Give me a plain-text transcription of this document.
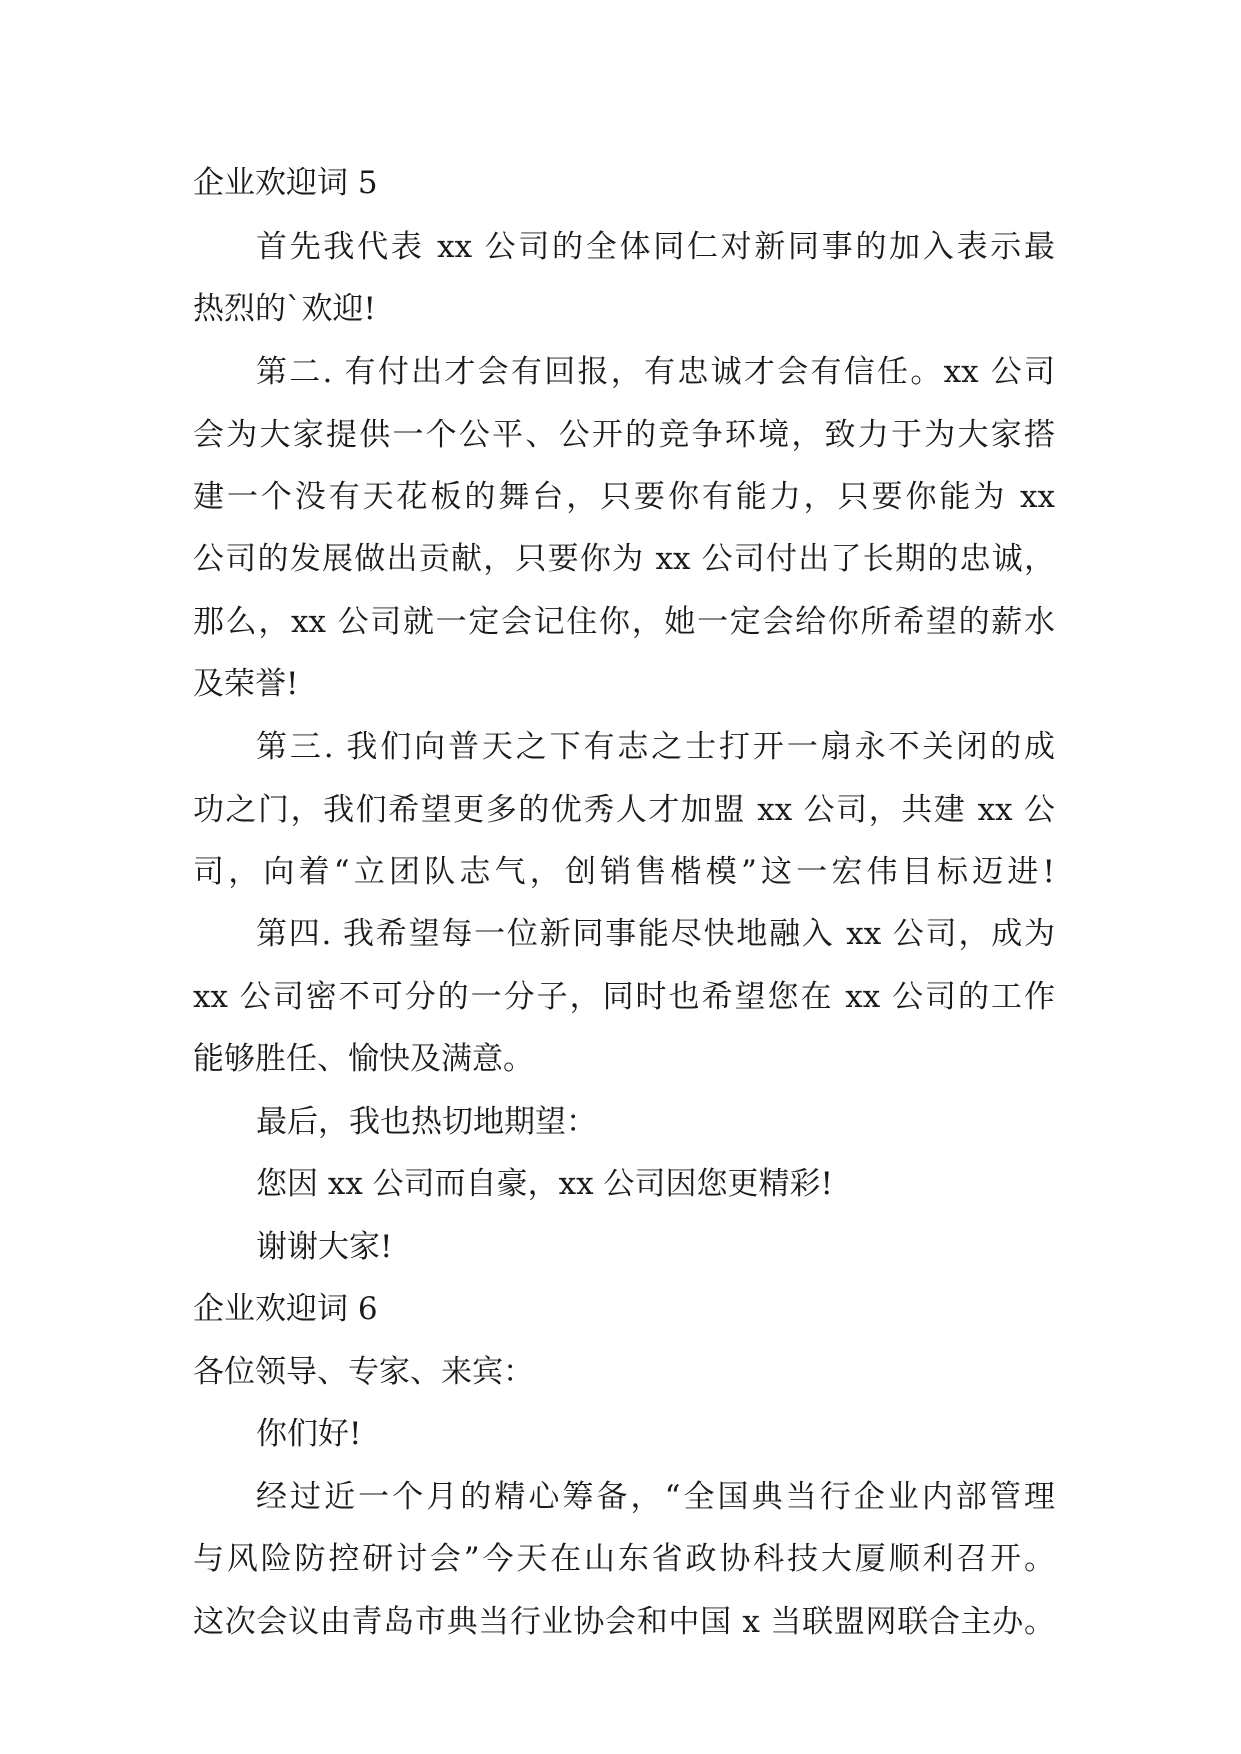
企业欢迎词 5
首先我代表 xx 公司的全体同仁对新同事的加入表示最
热烈的`欢迎!
第二. 有付出才会有回报，有忠诚才会有信任。xx 公司
会为大家提供一个公平、公开的竞争环境，致力于为大家搭
建一个没有天花板的舞台，只要你有能力，只要你能为 xx
公司的发展做出贡献，只要你为 xx 公司付出了长期的忠诚，
那么，xx 公司就一定会记住你，她一定会给你所希望的薪水
及荣誉!
第三. 我们向普天之下有志之士打开一扇永不关闭的成
功之门，我们希望更多的优秀人才加盟 xx 公司，共建 xx 公
司，向着“立团队志气，创销售楷模”这一宏伟目标迈进!
第四. 我希望每一位新同事能尽快地融入 xx 公司，成为
xx 公司密不可分的一分子，同时也希望您在 xx 公司的工作
能够胜任、愉快及满意。
最后，我也热切地期望：
您因 xx 公司而自豪，xx 公司因您更精彩!
谢谢大家!
企业欢迎词 6
各位领导、专家、来宾：
你们好!
经过近一个月的精心筹备，“全国典当行企业内部管理
与风险防控研讨会”今天在山东省政协科技大厦顺利召开。
这次会议由青岛市典当行业协会和中国 x 当联盟网联合主办。
